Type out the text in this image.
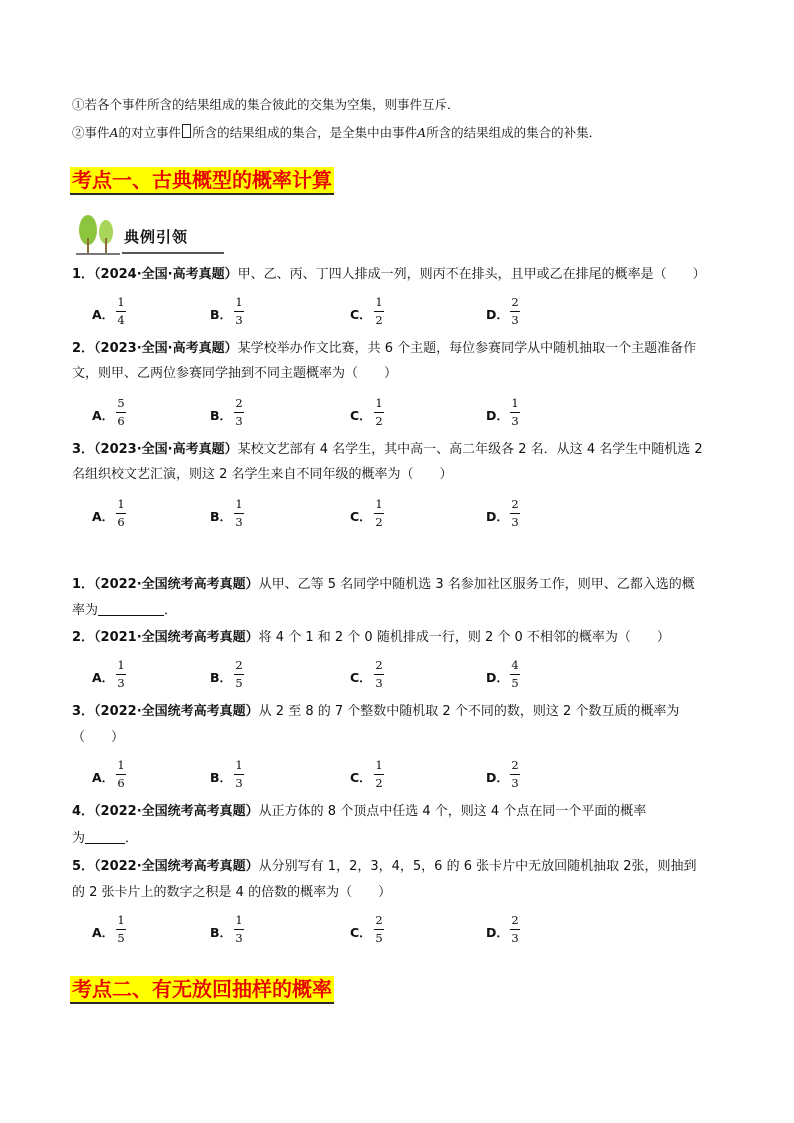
①若各个事件所含的结果组成的集合彼此的交集为空集，则事件互斥．
②事件A的对立事件 所含的结果组成的集合，是全集中由事件A所含的结果组成的集合的补集．
考点一、古典概型的概率计算
典例引领
1．（2024·全国·高考真题）甲、乙、丙、丁四人排成一列，则丙不在排头，且甲或乙在排尾的概率是（　　）
A．
1
4	B．
1
3	C．
1
2	D．
2
3
2．（2023·全国·高考真题）某学校举办作文比赛，共 6 个主题，每位参赛同学从中随机抽取一个主题准备作
文，则甲、乙两位参赛同学抽到不同主题概率为（　　）
A．
5
6	B．
2
3	C．
1
2	D．
1
3
3．（2023·全国·高考真题）某校文艺部有 4 名学生，其中高一、高二年级各 2 名．从这 4 名学生中随机选 2
名组织校文艺汇演，则这 2 名学生来自不同年级的概率为（　　）
A．
1
6	B．
1
3	C．
1
2	D．
2
3
1．（2022·全国统考高考真题）从甲、乙等 5 名同学中随机选 3 名参加社区服务工作，则甲、乙都入选的概
率为	．
2．（2021·全国统考高考真题）将 4 个 1 和 2 个 0 随机排成一行，则 2 个 0 不相邻的概率为（　　）
A．
1
3	B．
2
5	C．
2
3	D．
4
5
3．（2022·全国统考高考真题）从 2 至 8 的 7 个整数中随机取 2 个不同的数，则这 2 个数互质的概率为
（　　）
A．
1
6	B．
1
3	C．
1
2	D．
2
3
4．（2022·全国统考高考真题）从正方体的 8 个顶点中任选 4 个，则这 4 个点在同一个平面的概率
为	．
5．（2022·全国统考高考真题）从分别写有 1，2，3，4，5，6 的 6 张卡片中无放回随机抽取 2张，则抽到
的 2 张卡片上的数字之积是 4 的倍数的概率为（　　）
A．
1
5	B．
1
3	C．
2
5	D．
2
3
考点二、有无放回抽样的概率
